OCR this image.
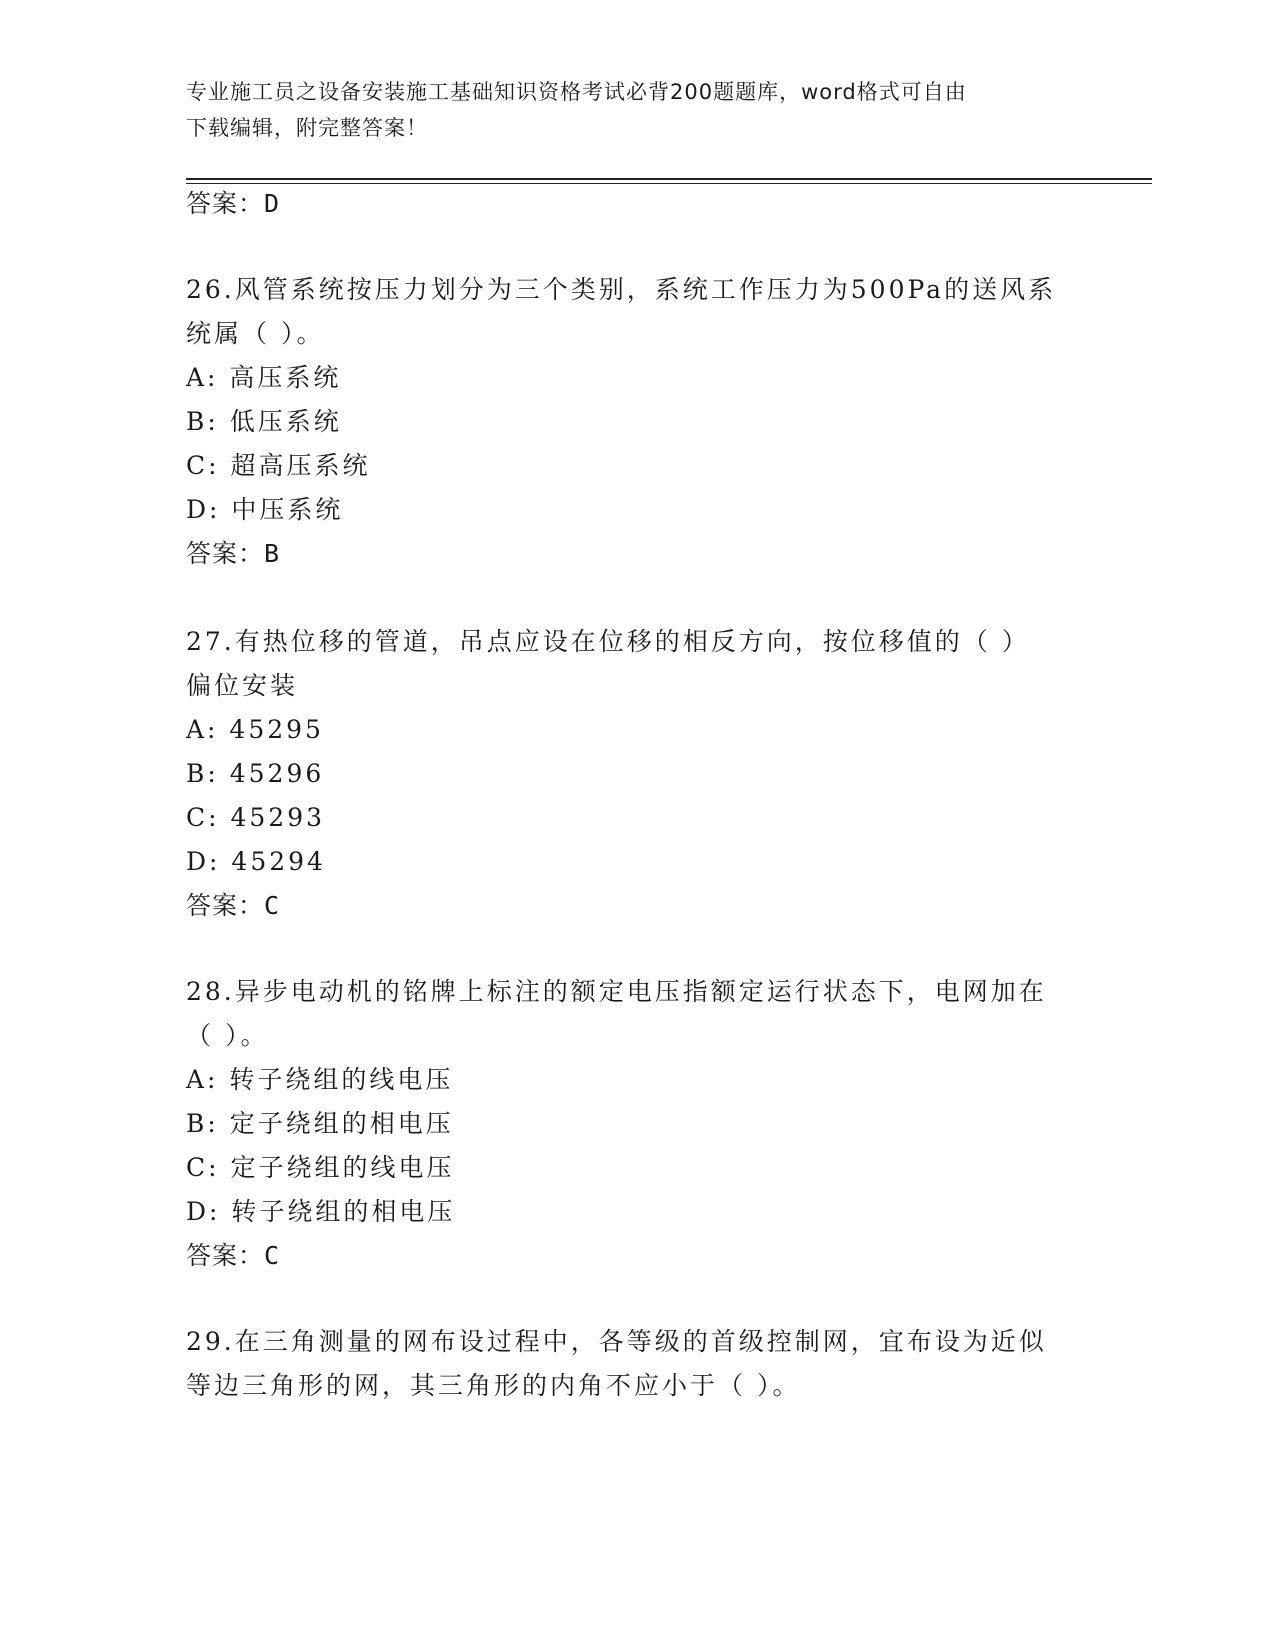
专业施工员之设备安装施工基础知识资格考试必背200题题库，word格式可自由
下载编辑，附完整答案！
答案：D
26.风管系统按压力划分为三个类别，系统工作压力为500Pa的送风系
统属（ ）。
A: 高压系统
B: 低压系统
C: 超高压系统
D: 中压系统
答案：B
27.有热位移的管道，吊点应设在位移的相反方向，按位移值的（ ）
偏位安装
A: 45295
B: 45296
C: 45293
D: 45294
答案：C
28.异步电动机的铭牌上标注的额定电压指额定运行状态下，电网加在
（ ）。
A: 转子绕组的线电压
B: 定子绕组的相电压
C: 定子绕组的线电压
D: 转子绕组的相电压
答案：C
29.在三角测量的网布设过程中，各等级的首级控制网，宜布设为近似
等边三角形的网，其三角形的内角不应小于（ ）。
